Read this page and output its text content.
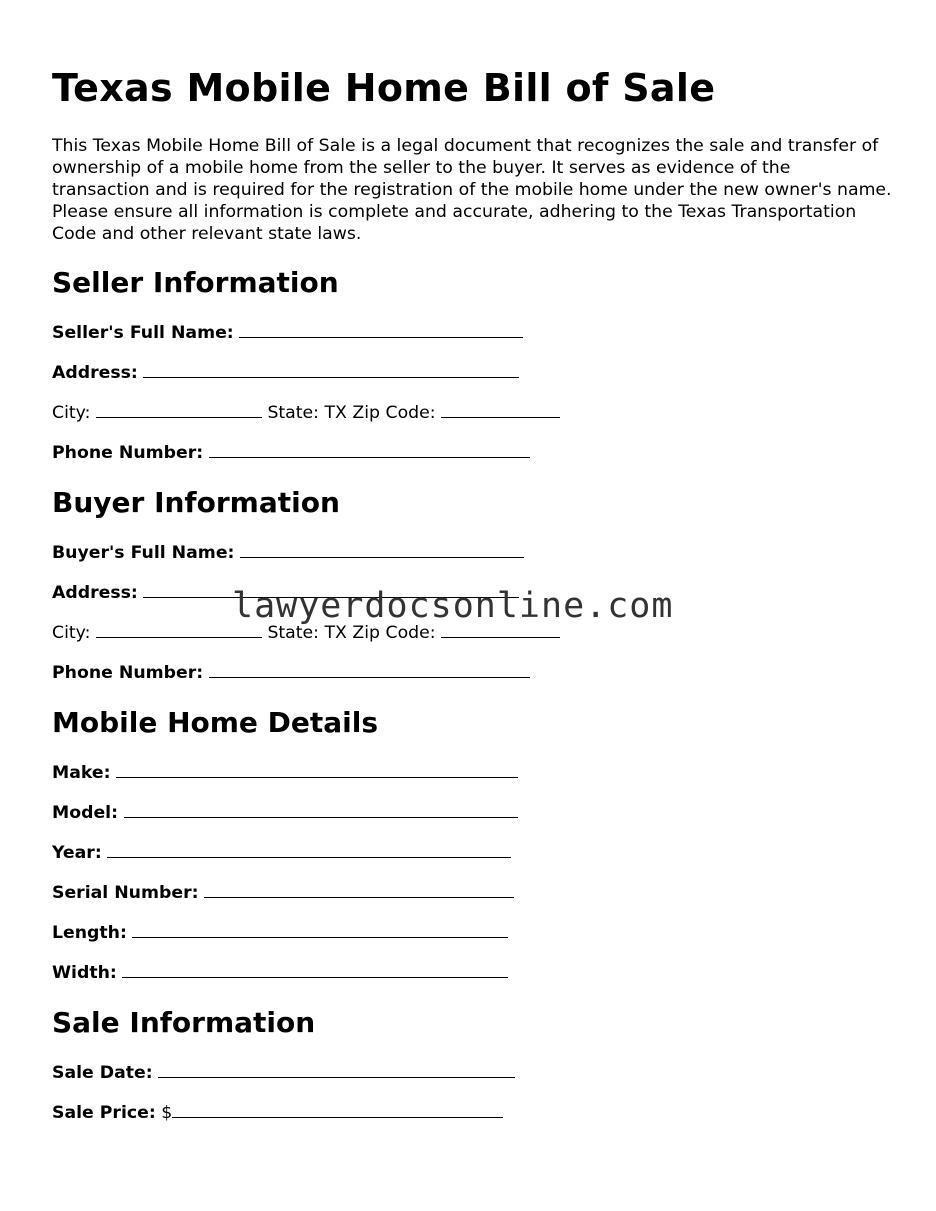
Texas Mobile Home Bill of Sale

This Texas Mobile Home Bill of Sale is a legal document that recognizes the sale and transfer of ownership of a mobile home from the seller to the buyer. It serves as evidence of the transaction and is required for the registration of the mobile home under the new owner's name. Please ensure all information is complete and accurate, adhering to the Texas Transportation Code and other relevant state laws.

Seller Information
Seller's Full Name:
Address:
City:	State: TX Zip Code:
Phone Number:
Buyer Information
Buyer's Full Name:
Address:
City:	State: TX Zip Code:
Phone Number:
Mobile Home Details
Make:
Model:
Year:
Serial Number:
Length:
Width:
Sale Information
Sale Date:
Sale Price: $
lawyerdocsonline.com
